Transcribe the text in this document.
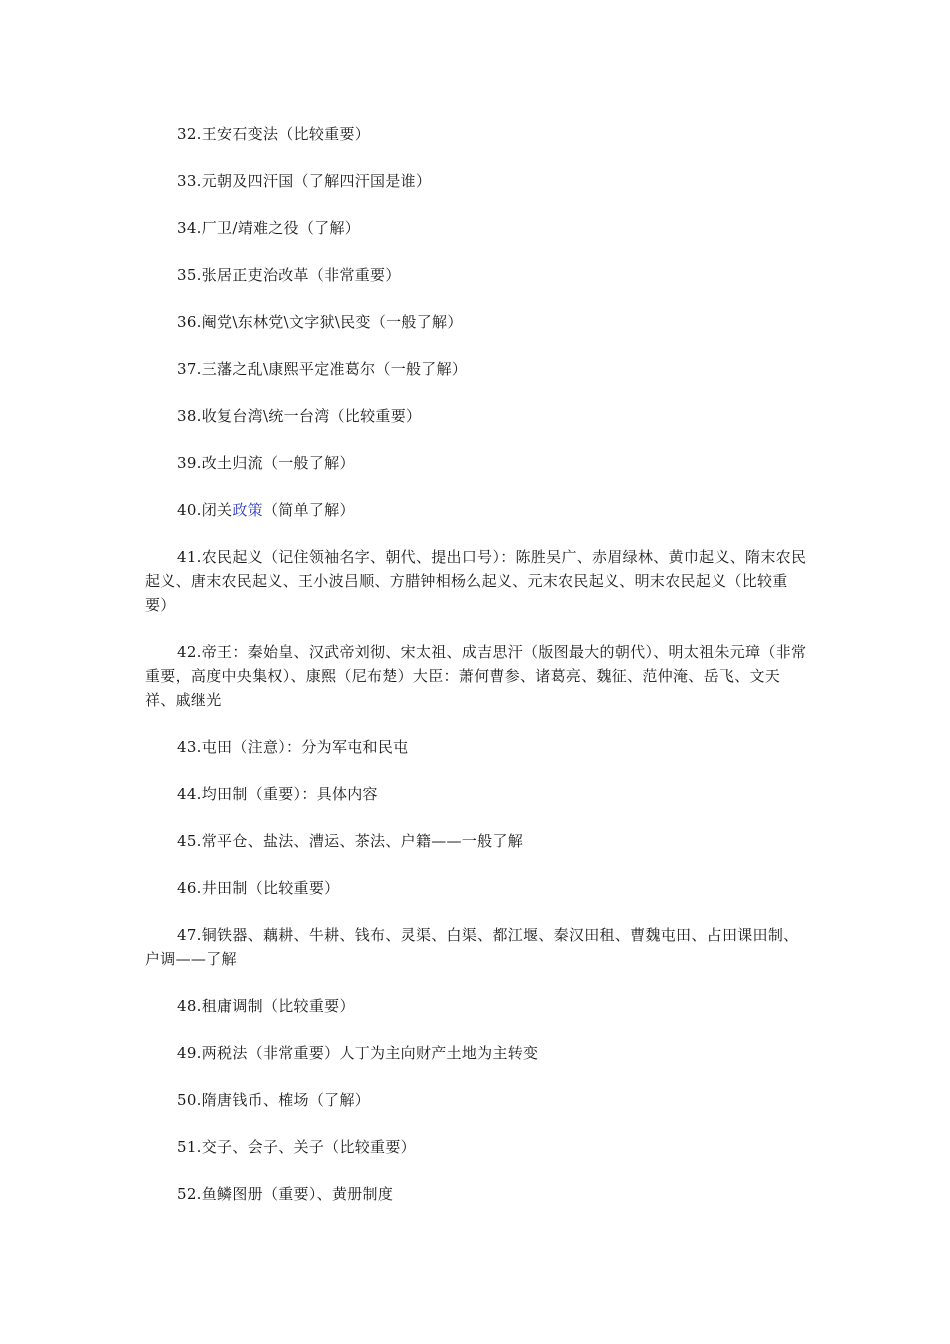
32.王安石变法（比较重要）

33.元朝及四汗国（了解四汗国是谁）

34.厂卫/靖难之役（了解）

35.张居正吏治改革（非常重要）

36.阉党\东林党\文字狱\民变（一般了解）

37.三藩之乱\康熙平定准葛尔（一般了解）

38.收复台湾\统一台湾（比较重要）

39.改土归流（一般了解）

40.闭关政策（简单了解）

41.农民起义（记住领袖名字、朝代、提出口号）：陈胜吴广、赤眉绿林、黄巾起义、隋末农民起义、唐末农民起义、王小波吕顺、方腊钟相杨么起义、元末农民起义、明末农民起义（比较重要）

42.帝王：秦始皇、汉武帝刘彻、宋太祖、成吉思汗（版图最大的朝代）、明太祖朱元璋（非常重要，高度中央集权）、康熙（尼布楚）大臣：萧何曹参、诸葛亮、魏征、范仲淹、岳飞、文天祥、戚继光

43.屯田（注意）：分为军屯和民屯

44.均田制（重要）：具体内容

45.常平仓、盐法、漕运、茶法、户籍——一般了解

46.井田制（比较重要）

47.铜铁器、藕耕、牛耕、钱布、灵渠、白渠、都江堰、秦汉田租、曹魏屯田、占田课田制、户调——了解

48.租庸调制（比较重要）

49.两税法（非常重要）人丁为主向财产土地为主转变

50.隋唐钱币、榷场（了解）

51.交子、会子、关子（比较重要）

52.鱼鳞图册（重要）、黄册制度
